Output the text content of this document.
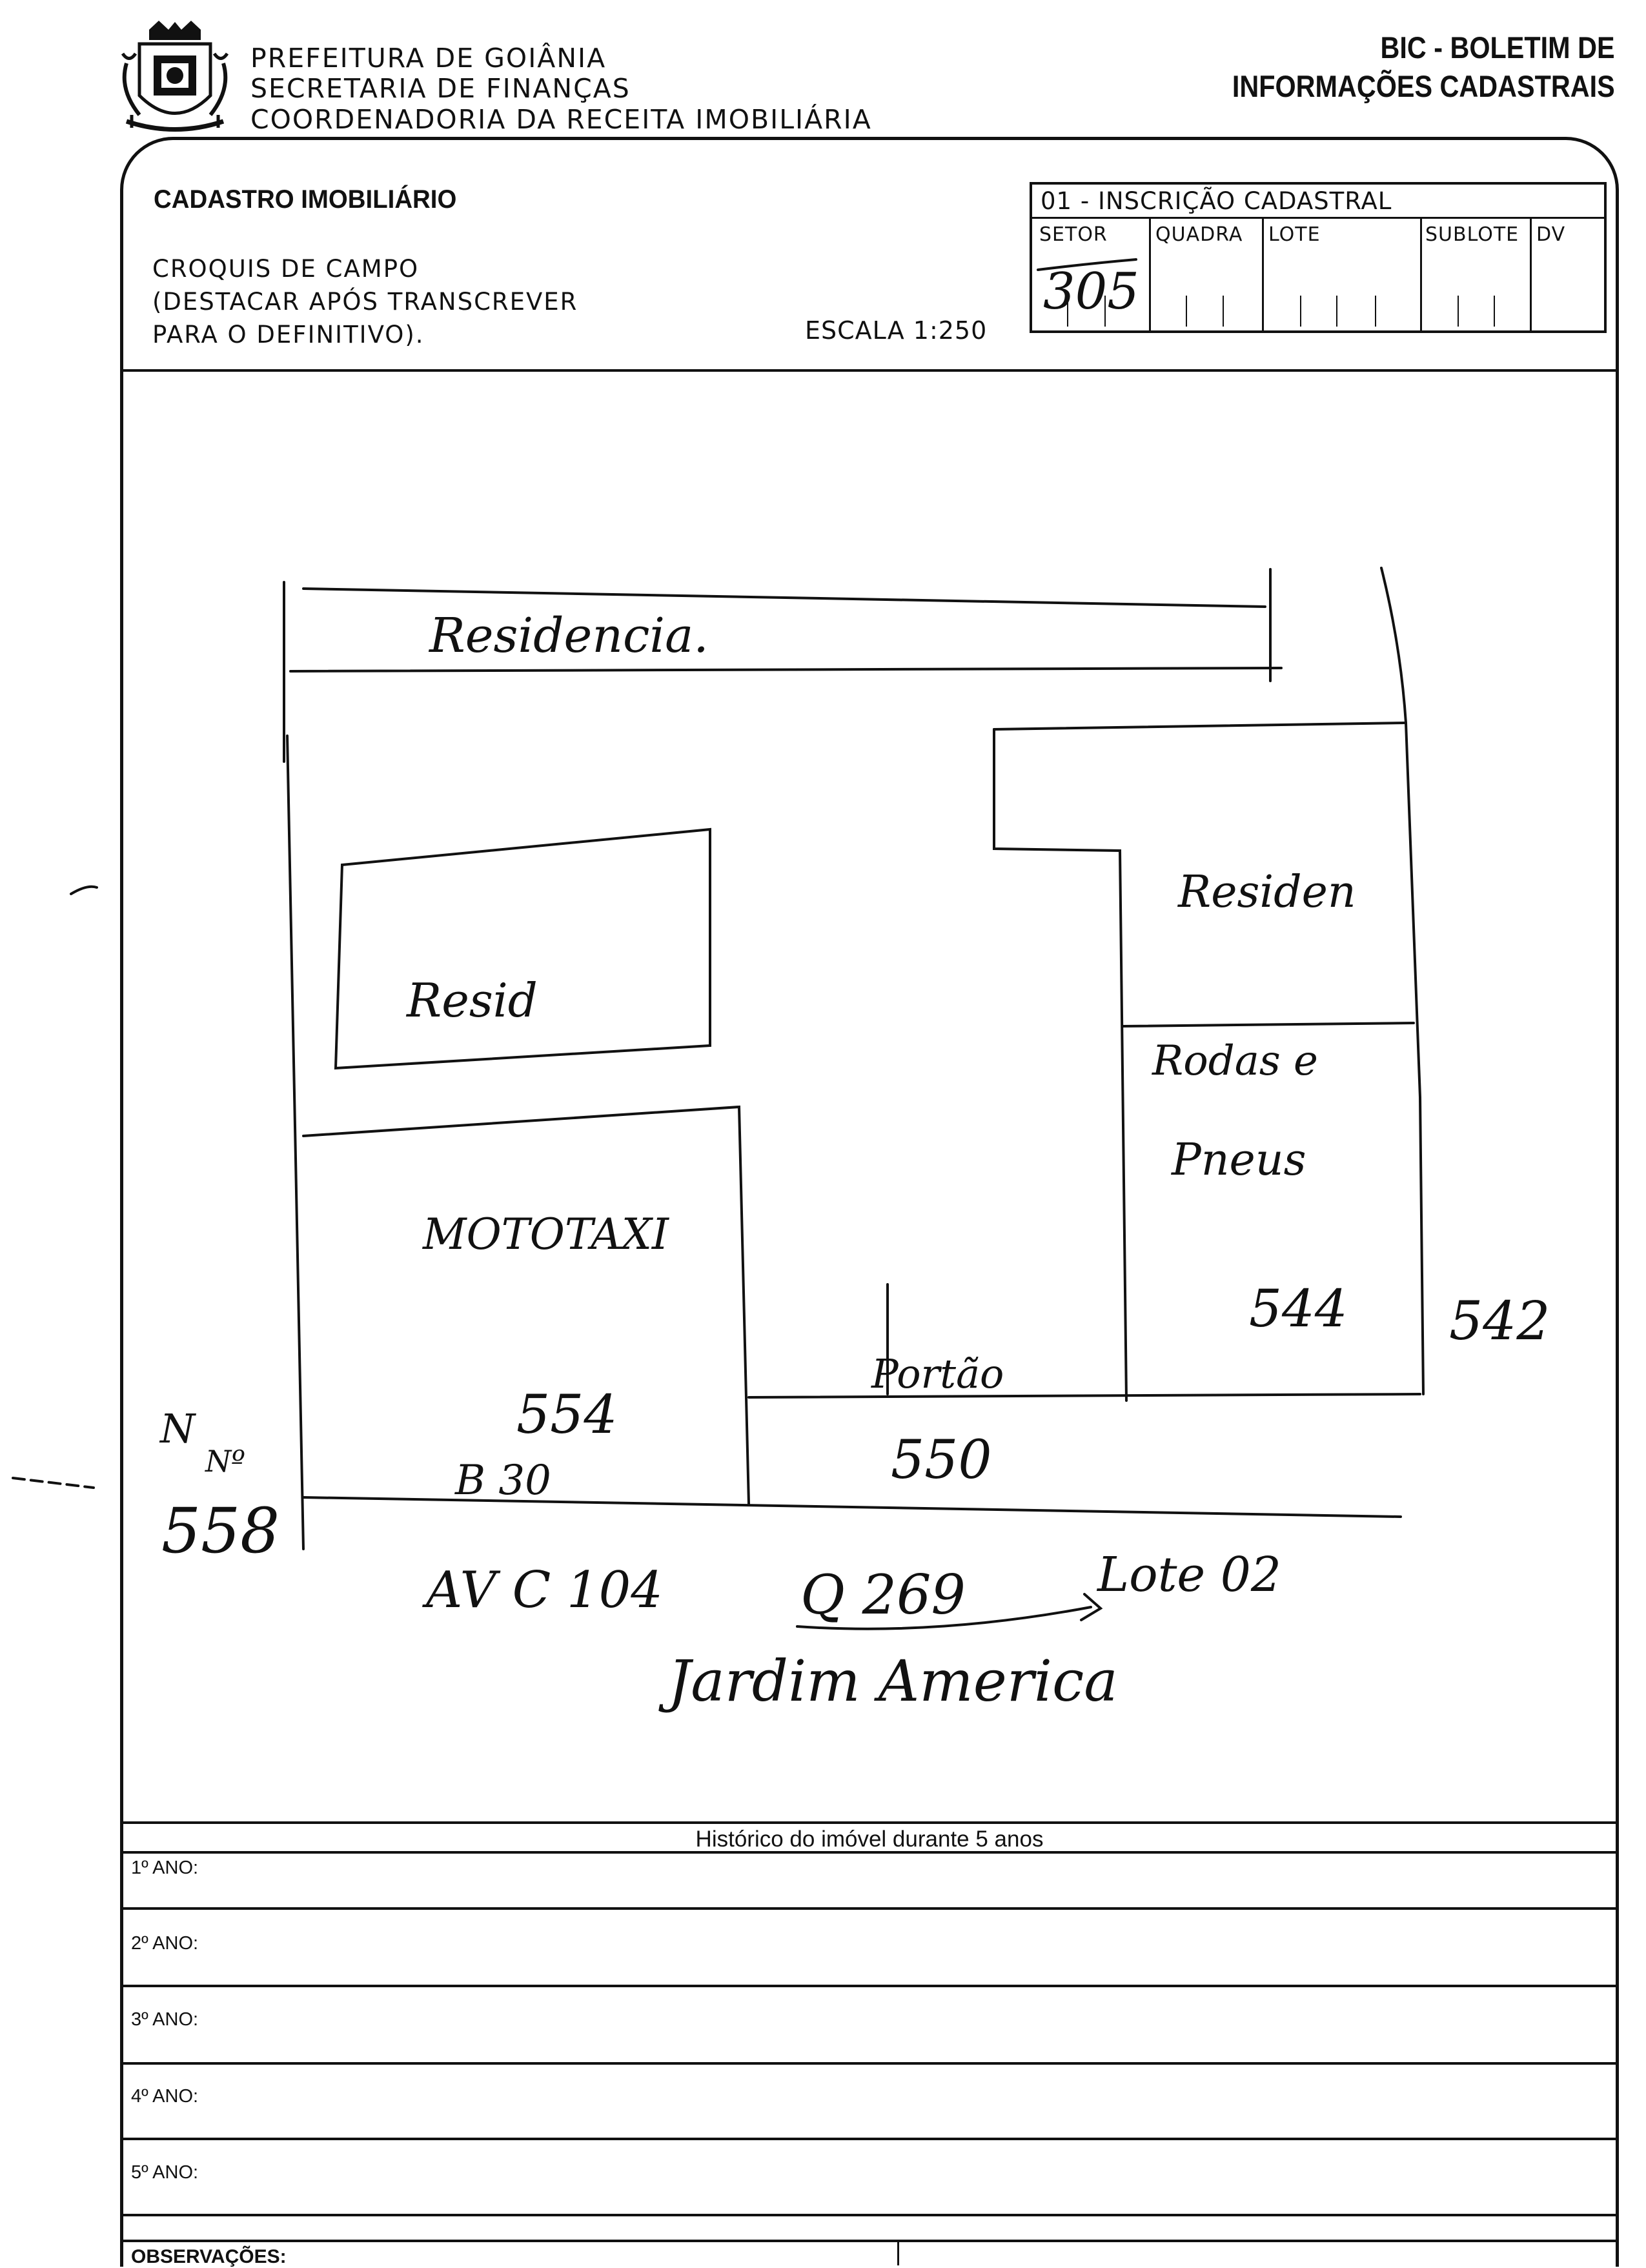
PREFEITURA DE GOIÂNIA
SECRETARIA DE FINANÇAS
COORDENADORIA DA RECEITA IMOBILIÁRIA
BIC - BOLETIM DE
INFORMAÇÕES CADASTRAIS
CADASTRO IMOBILIÁRIO
CROQUIS DE CAMPO
(DESTACAR APÓS TRANSCREVER
PARA O DEFINITIVO).	ESCALA 1:250
01 - INSCRIÇÃO CADASTRAL
SETOR QUADRA LOTE	SUBLOTE DV
305
Residencia.
Resid
Residen
Rodas e
Pneus
MOTOTAXI
Portão
554
544 542
550
B 30
N
Nº
558
AV C 104	Q 269	Lote 02
Jardim America
Histórico do imóvel durante 5 anos
1º ANO:
2º ANO:
3º ANO:
4º ANO:
5º ANO:
OBSERVAÇÕES:
